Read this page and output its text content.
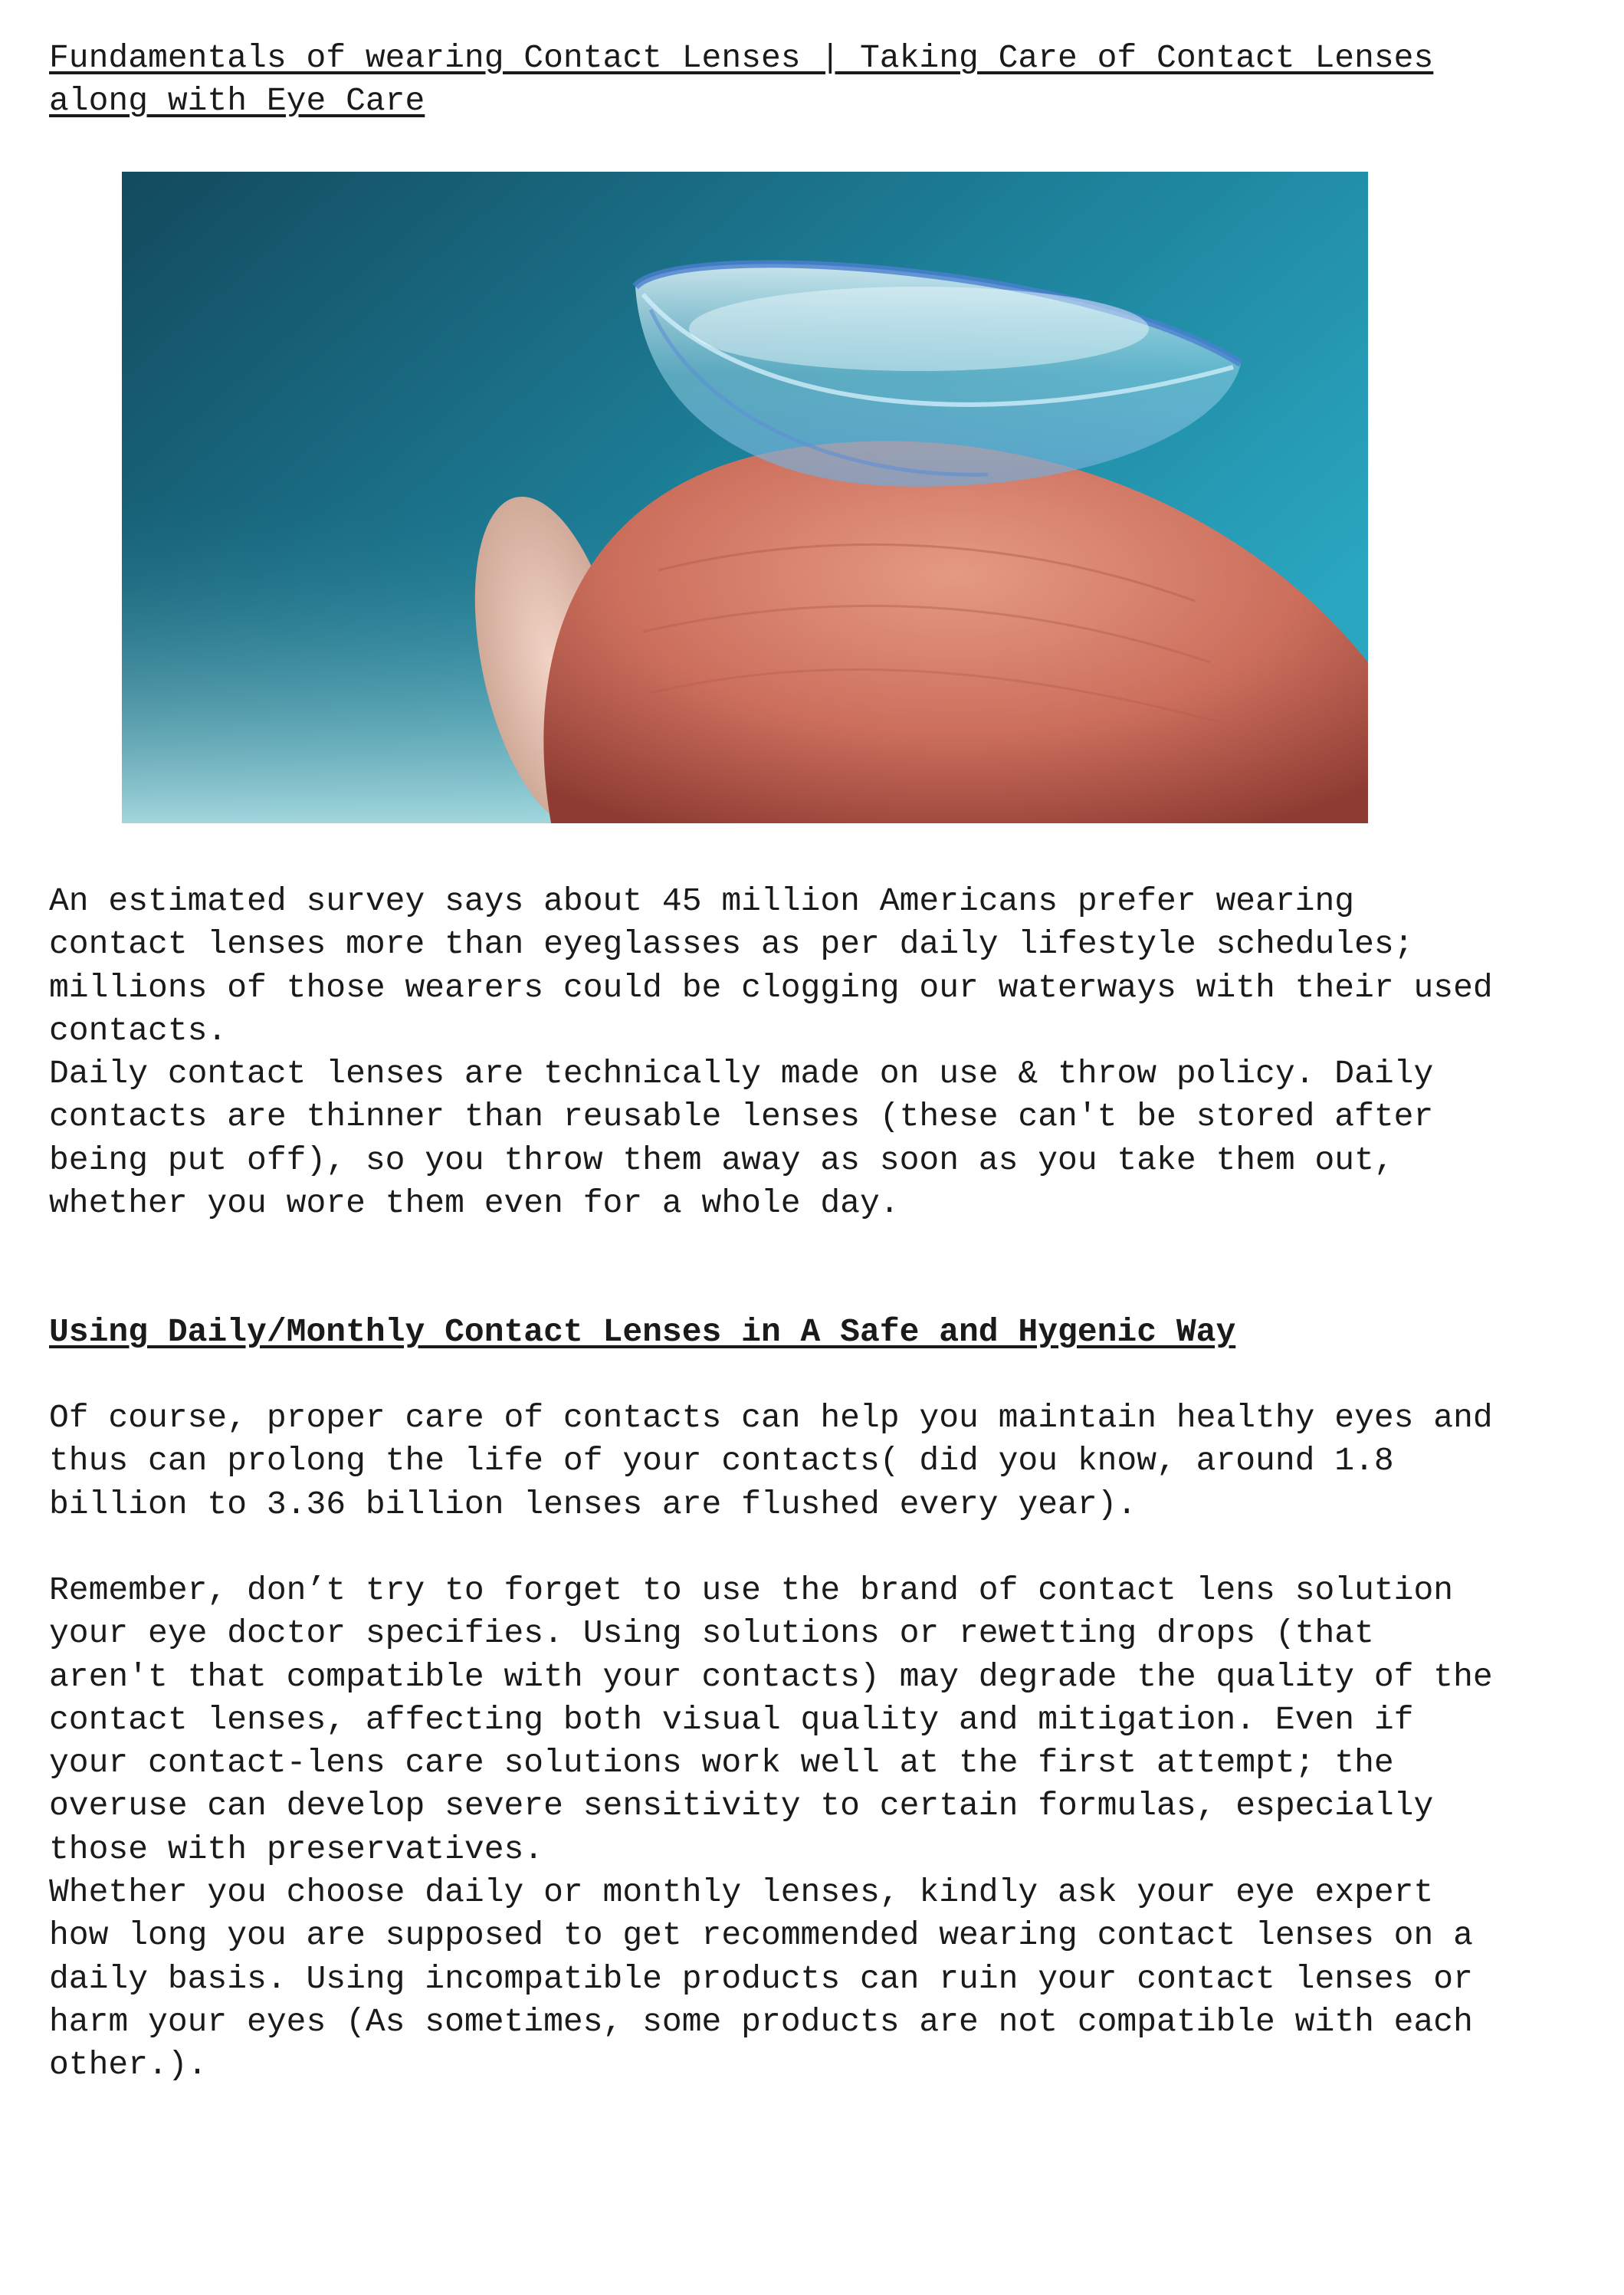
Fundamentals of wearing Contact Lenses | Taking Care of Contact Lenses along with Eye Care

An estimated survey says about 45 million Americans prefer wearing contact lenses more than eyeglasses as per daily lifestyle schedules; millions of those wearers could be clogging our waterways with their used contacts.

Daily contact lenses are technically made on use & throw policy. Daily contacts are thinner than reusable lenses (these can't be stored after being put off), so you throw them away as soon as you take them out, whether you wore them even for a whole day.

Using Daily/Monthly Contact Lenses in A Safe and Hygenic Way

Of course, proper care of contacts can help you maintain healthy eyes and thus can prolong the life of your contacts( did you know, around 1.8 billion to 3.36 billion lenses are flushed every year).

Remember, don’t try to forget to use the brand of contact lens solution your eye doctor specifies. Using solutions or rewetting drops (that aren't that compatible with your contacts) may degrade the quality of the contact lenses, affecting both visual quality and mitigation. Even if your contact-lens care solutions work well at the first attempt; the overuse can develop severe sensitivity to certain formulas, especially those with preservatives.

Whether you choose daily or monthly lenses, kindly ask your eye expert how long you are supposed to get recommended wearing contact lenses on a daily basis. Using incompatible products can ruin your contact lenses or harm your eyes (As sometimes, some products are not compatible with each other.).
